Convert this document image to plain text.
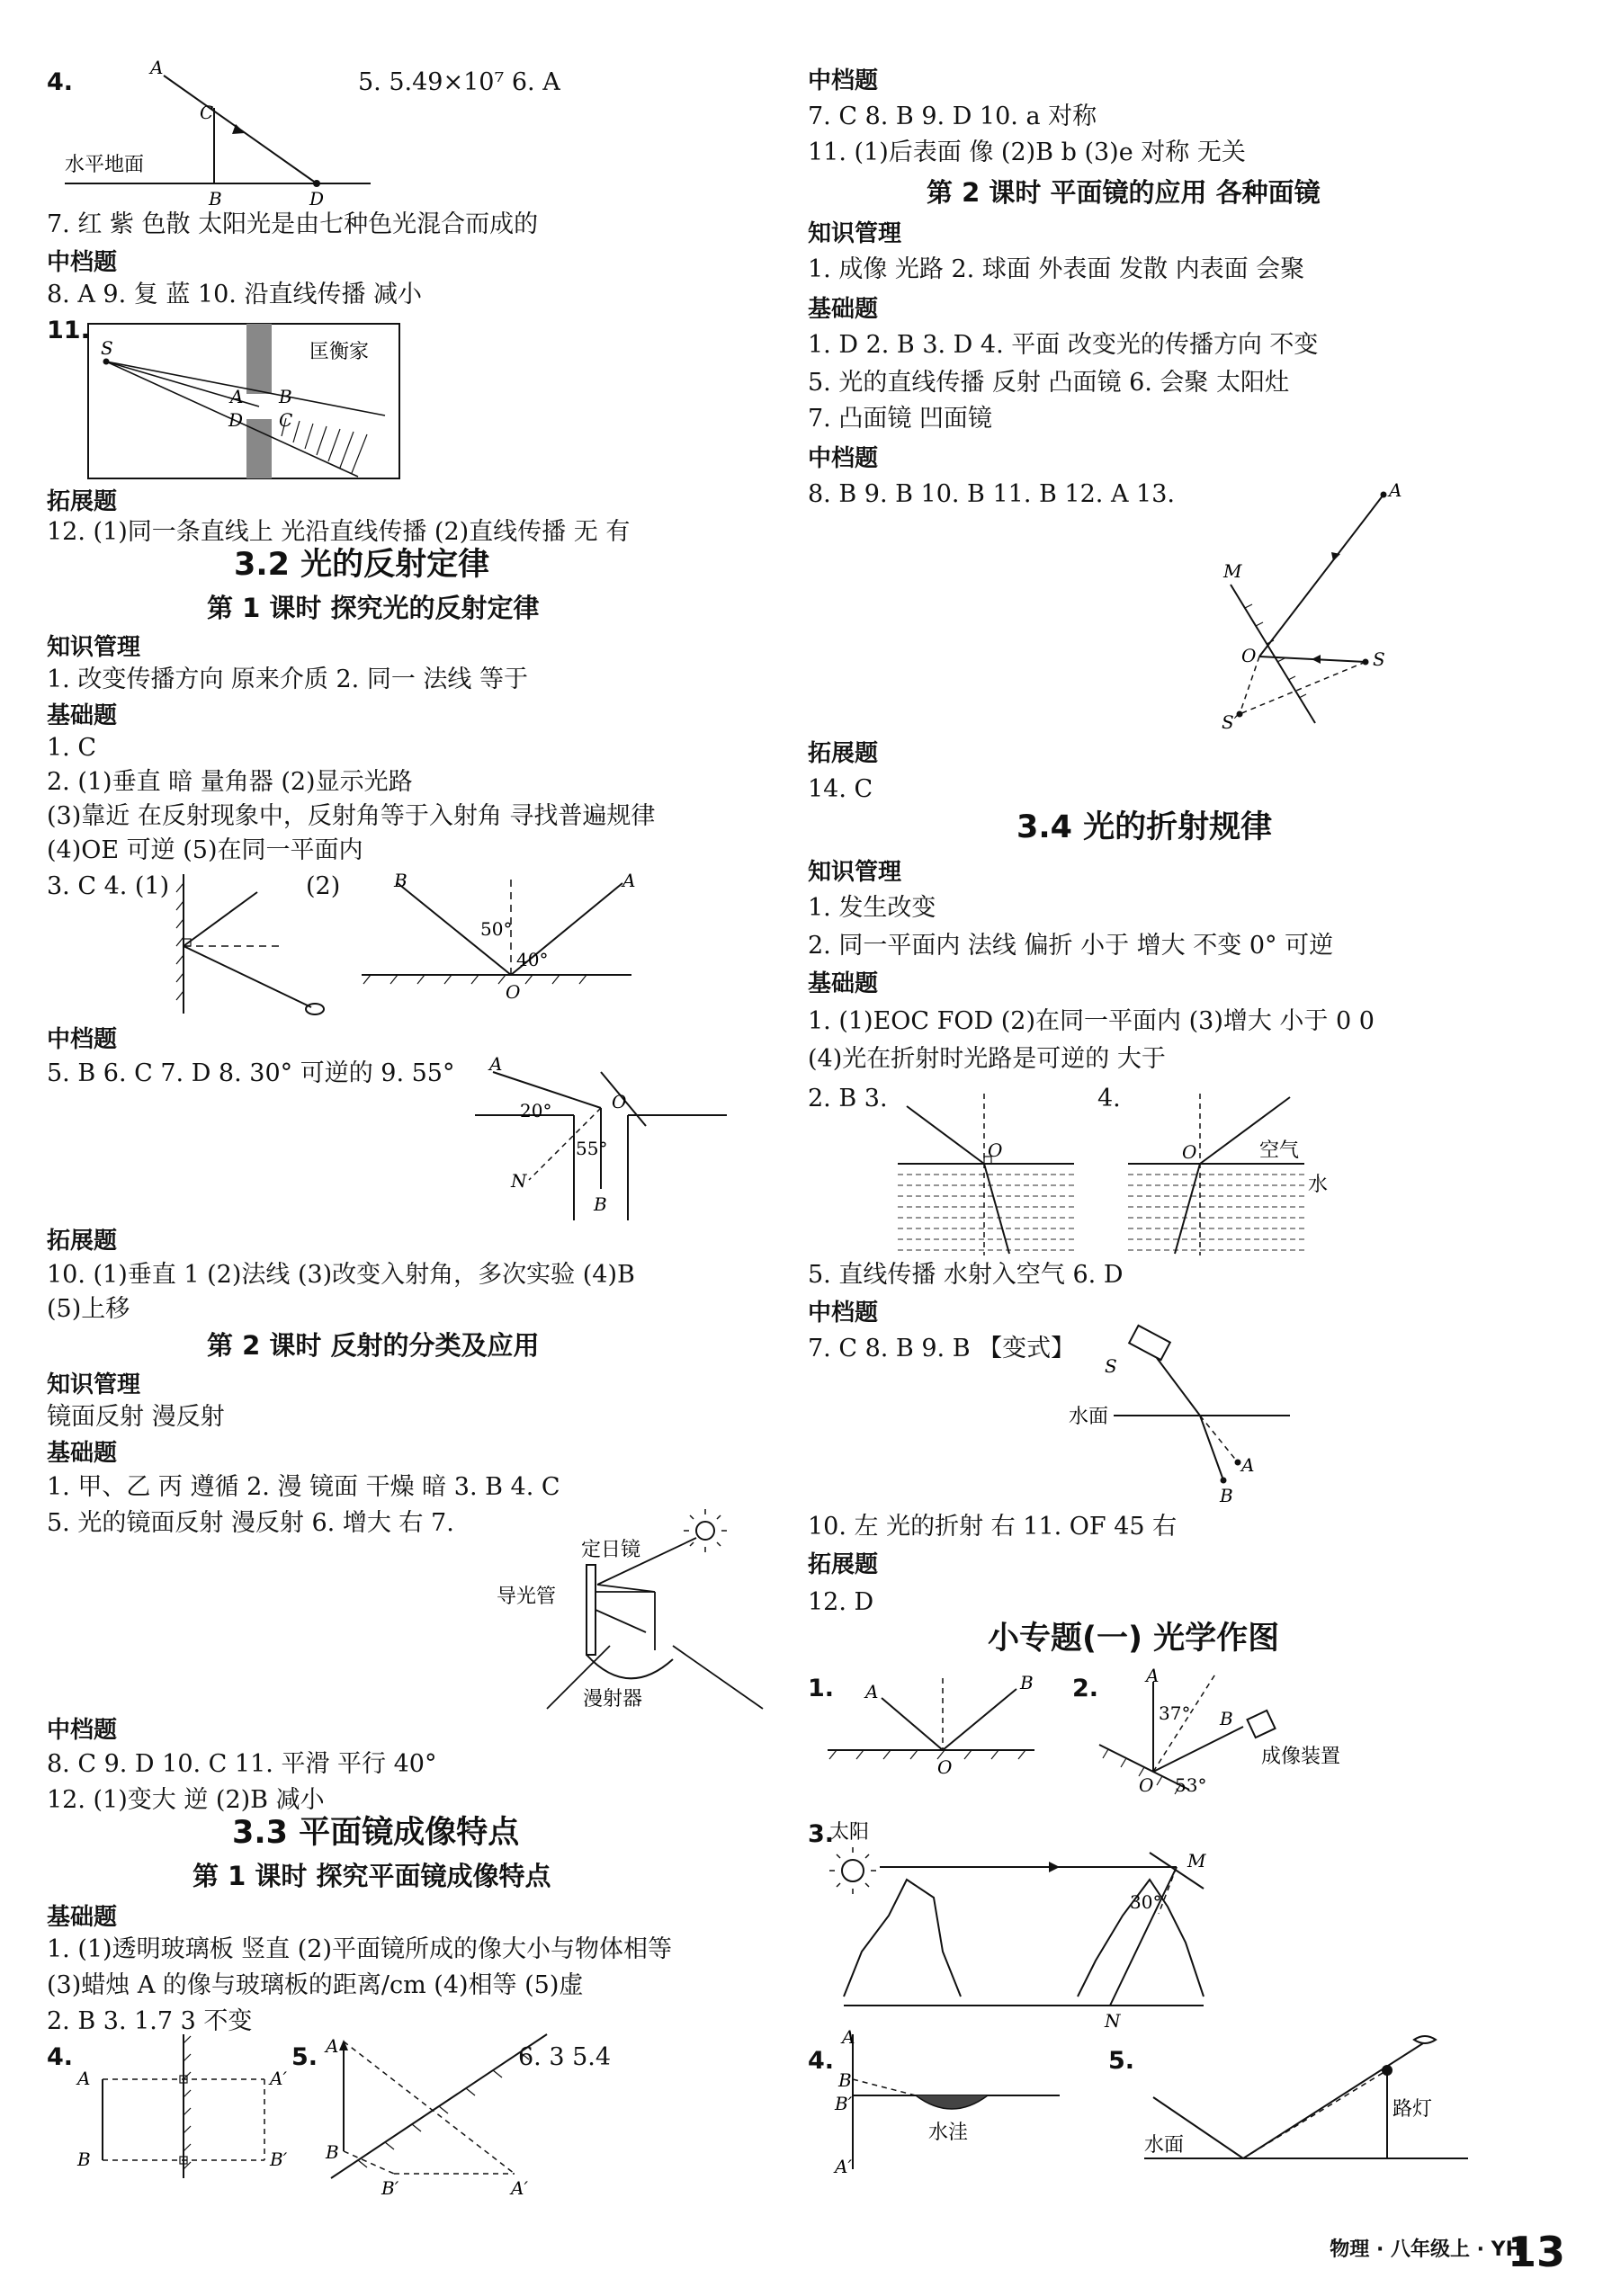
4.
A
C
B	D
水平地面
5. 5.49×10⁷ 6. A
7. 红 紫 色散 太阳光是由七种色光混合而成的
中档题
8. A 9. 复 蓝 10. 沿直线传播 减小
11.
S
A B
D C
匡衡家
拓展题
12. (1)同一条直线上 光沿直线传播 (2)直线传播 无 有
3.2 光的反射定律
第 1 课时 探究光的反射定律
知识管理
1. 改变传播方向 原来介质 2. 同一 法线 等于
基础题
1. C
2. (1)垂直 暗 量角器 (2)显示光路
(3)靠近 在反射现象中，反射角等于入射角 寻找普遍规律
(4)OE 可逆 (5)在同一平面内
3. C 4. (1)	(2)	B	A
50°
40°
O
中档题
5. B 6. C 7. D 8. 30° 可逆的 9. 55° A
O
20°
55°
N
B
拓展题
10. (1)垂直 1 (2)法线 (3)改变入射角，多次实验 (4)B
(5)上移
第 2 课时 反射的分类及应用
知识管理
镜面反射 漫反射
基础题
1. 甲、乙 丙 遵循 2. 漫 镜面 干燥 暗 3. B 4. C
5. 光的镜面反射 漫反射 6. 增大 右 7.
定日镜
导光管
漫射器
中档题
8. C 9. D 10. C 11. 平滑 平行 40°
12. (1)变大 逆 (2)B 减小
3.3 平面镜成像特点
第 1 课时 探究平面镜成像特点
基础题
1. (1)透明玻璃板 竖直 (2)平面镜所成的像大小与物体相等
(3)蜡烛 A 的像与玻璃板的距离/cm (4)相等 (5)虚
2. B 3. 1.7 3 不变
4.
A
B
A′
B′
5. A
B
B′	A′
6. 3 5.4
中档题
7. C 8. B 9. D 10. a 对称
11. (1)后表面 像 (2)B b (3)e 对称 无关
第 2 课时 平面镜的应用 各种面镜
知识管理
1. 成像 光路 2. 球面 外表面 发散 内表面 会聚
基础题
1. D 2. B 3. D 4. 平面 改变光的传播方向 不变
5. 光的直线传播 反射 凸面镜 6. 会聚 太阳灶
7. 凸面镜 凹面镜
中档题
8. B 9. B 10. B 11. B 12. A 13.	A
M
O	S
S′
拓展题
14. C
3.4 光的折射规律
知识管理
1. 发生改变
2. 同一平面内 法线 偏折 小于 增大 不变 0° 可逆
基础题
1. (1)EOC FOD (2)在同一平面内 (3)增大 小于 0 0
(4)光在折射时光路是可逆的 大于
2. B 3.
O
4.
O	空气
水
5. 直线传播 水射入空气 6. D
中档题
7. C 8. B 9. B 【变式】
S
A
B
水面
10. 左 光的折射 右 11. OF 45 右
拓展题
12. D
小专题(一) 光学作图
1. A	B
O
2.	A
B
O
37°
53°
成像装置
3.
太阳
M
30°
N
4.
A
B
B′
A′
水洼
5.
水面
路灯
物理 · 八年级上 · YH
13
